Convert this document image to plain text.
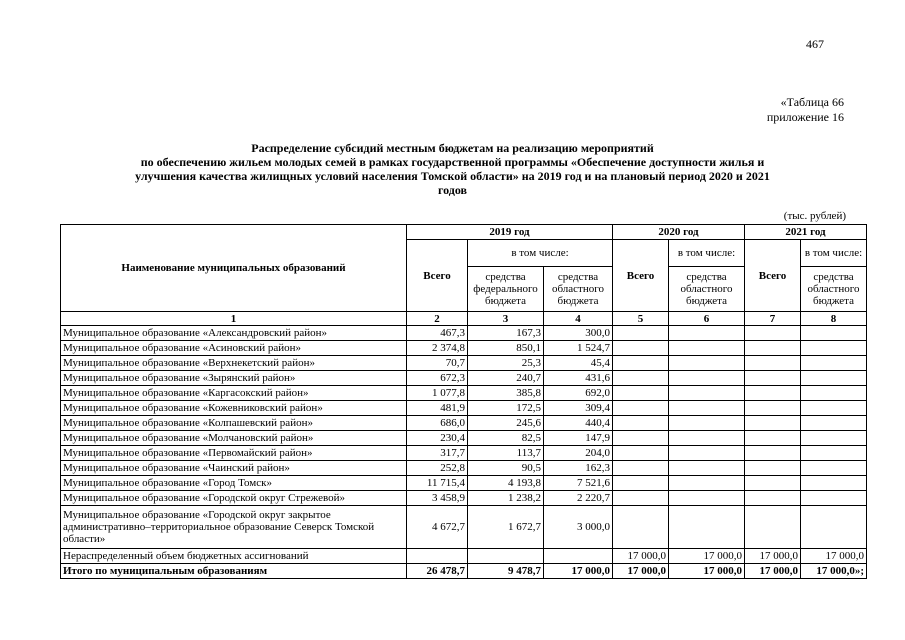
467
«Таблица 66
приложение 16
Распределение субсидий местным бюджетам на реализацию мероприятий
по обеспечению жильем молодых семей в рамках государственной программы «Обеспечение доступности жилья и
улучшения качества жилищных условий населения Томской области» на 2019 год и на плановый период 2020 и 2021
годов
(тыс. рублей)
Наименование муниципальных образований	2019 год			2020 год		2021 год	
	Всего	в том числе:		Всего	в том числе:	Всего	в том числе:
		средства федерального бюджета	средства областного бюджета		средства областного бюджета		средства областного бюджета
1	2	3	4	5	6	7	8
Муниципальное образование «Александровский район»	467,3	167,3	300,0				
Муниципальное образование «Асиновский район»	2 374,8	850,1	1 524,7				
Муниципальное образование «Верхнекетский район»	70,7	25,3	45,4				
Муниципальное образование «Зырянский район»	672,3	240,7	431,6				
Муниципальное образование «Каргасокский район»	1 077,8	385,8	692,0				
Муниципальное образование «Кожевниковский район»	481,9	172,5	309,4				
Муниципальное образование «Колпашевский район»	686,0	245,6	440,4				
Муниципальное образование «Молчановский район»	230,4	82,5	147,9				
Муниципальное образование «Первомайский район»	317,7	113,7	204,0				
Муниципальное образование «Чаинский район»	252,8	90,5	162,3				
Муниципальное образование «Город Томск»	11 715,4	4 193,8	7 521,6				
Муниципальное образование «Городской округ Стрежевой»	3 458,9	1 238,2	2 220,7				
Муниципальное образование «Городской округ закрытое административно–территориальное образование Северск Томской области»	4 672,7	1 672,7	3 000,0				
Нераспределенный объем бюджетных ассигнований				17 000,0	17 000,0	17 000,0	17 000,0
Итого по муниципальным образованиям	26 478,7	9 478,7	17 000,0	17 000,0	17 000,0	17 000,0	17 000,0»;
